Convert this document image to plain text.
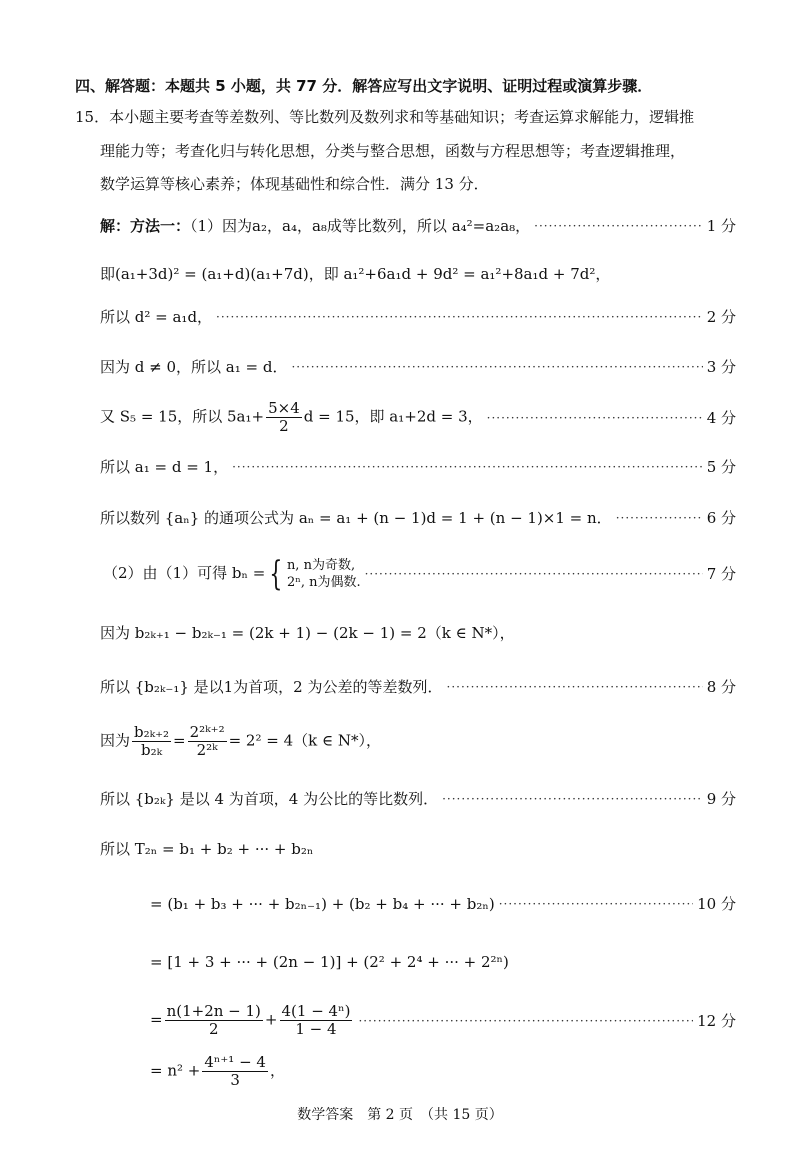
四、解答题：本题共 5 小题，共 77 分．解答应写出文字说明、证明过程或演算步骤．
15．本小题主要考查等差数列、等比数列及数列求和等基础知识；考查运算求解能力，逻辑推
理能力等；考查化归与转化思想，分类与整合思想，函数与方程思想等；考查逻辑推理，
数学运算等核心素养；体现基础性和综合性．满分 13 分．
解：方法一：（1）因为a₂，a₄，a₈成等比数列，所以 a₄²=a₂a₈， ·····	1 分
即(a₁+3d)² = (a₁+d)(a₁+7d)，即 a₁²+6a₁d + 9d² = a₁²+8a₁d + 7d²，
所以 d² = a₁d， ·····	2 分
因为 d ≠ 0，所以 a₁ = d． ·····	3 分
又 S₅ = 15，所以 $5a_1+ \frac{5\times 4}{2}$ d = 15，即 a₁+2d = 3， ·····	4 分
所以 a₁ = d = 1， ·····	5 分
所以数列 {aₙ} 的通项公式为 aₙ = a₁ + (n − 1)d = 1 + (n − 1)×1 = n． ·····	6 分
（2）由（1）可得 bₙ = { n, n为奇数,
2ⁿ, n为偶数. ·····	7 分
因为 b₂ₖ₊₁ − b₂ₖ₋₁ = (2k + 1) − (2k − 1) = 2（k ∈ N*），
所以 {b₂ₖ₋₁} 是以1为首项，2 为公差的等差数列． ·····	8 分
因为 $\frac{\text{b₂ₖ₊₂}}{\text{b₂ₖ}} = \frac{\text{2²ᵏ⁺²}}{\text{2²ᵏ}} = 2^2 = 4(k$ ∈ N*），
所以 {b₂ₖ} 是以 4 为首项，4 为公比的等比数列． ·····	9 分
所以 T₂ₙ = b₁ + b₂ + ··· + b₂ₙ
= (b₁ + b₃ + ··· + b₂ₙ₋₁) + (b₂ + b₄ + ··· + b₂ₙ) ·····	10 分
= [1 + 3 + ··· + (2n − 1)] + (2² + 2⁴ + ··· + 2²ⁿ)
= $\frac{n(1+2n - 1)}{2} + \frac{\text{4(1 − 4ⁿ)}}{1 - 4}$ ·····	12 分
= $n^2 + \frac{\text{4ⁿ⁺¹ − 4}}{3}$ ，
数学答案　第 2 页　（共 15 页）
